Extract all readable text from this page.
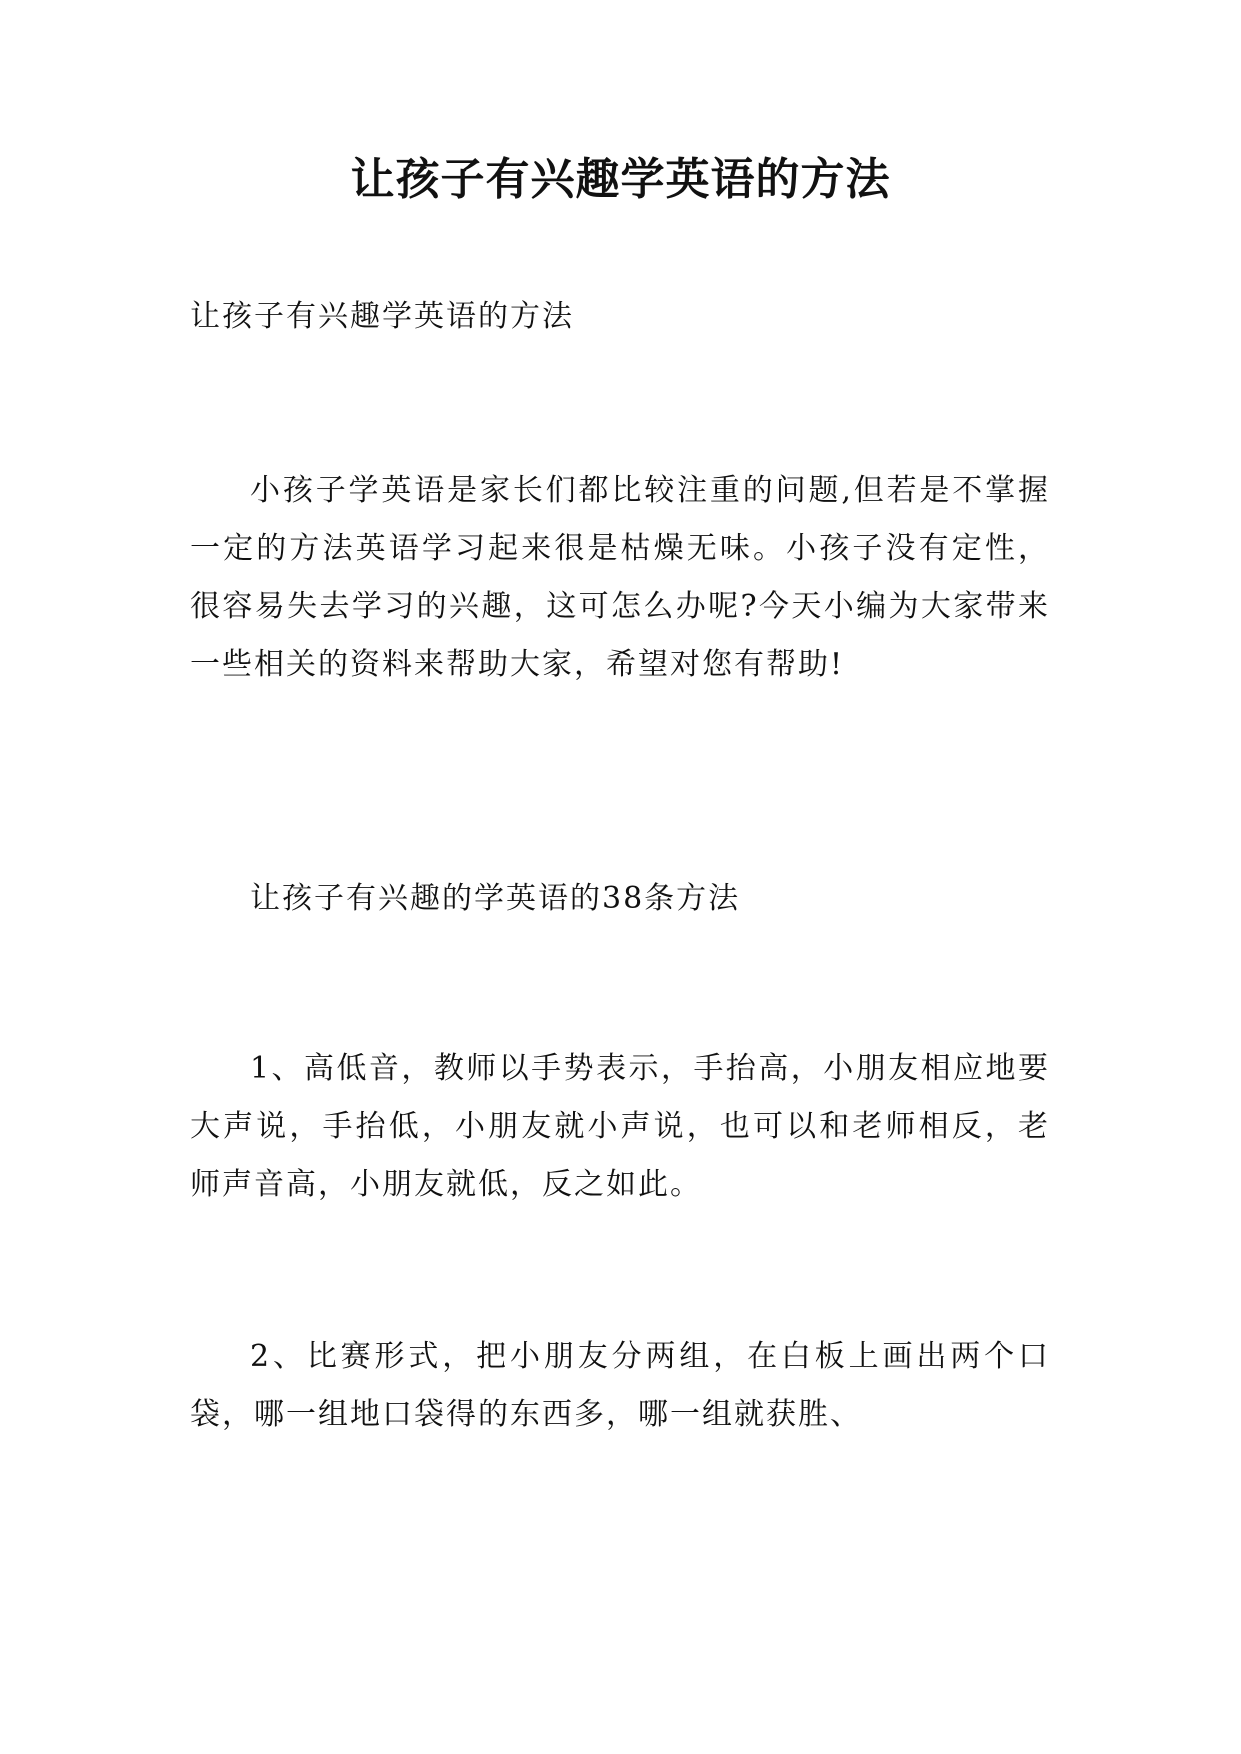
让孩子有兴趣学英语的方法
让孩子有兴趣学英语的方法
小孩子学英语是家长们都比较注重的问题,但若是不掌握一定的方法英语学习起来很是枯燥无味。小孩子没有定性，很容易失去学习的兴趣，这可怎么办呢?今天小编为大家带来一些相关的资料来帮助大家，希望对您有帮助!
让孩子有兴趣的学英语的38条方法
1、高低音，教师以手势表示，手抬高，小朋友相应地要大声说，手抬低，小朋友就小声说，也可以和老师相反，老师声音高，小朋友就低，反之如此。
2、比赛形式，把小朋友分两组，在白板上画出两个口袋，哪一组地口袋得的东西多，哪一组就获胜、
